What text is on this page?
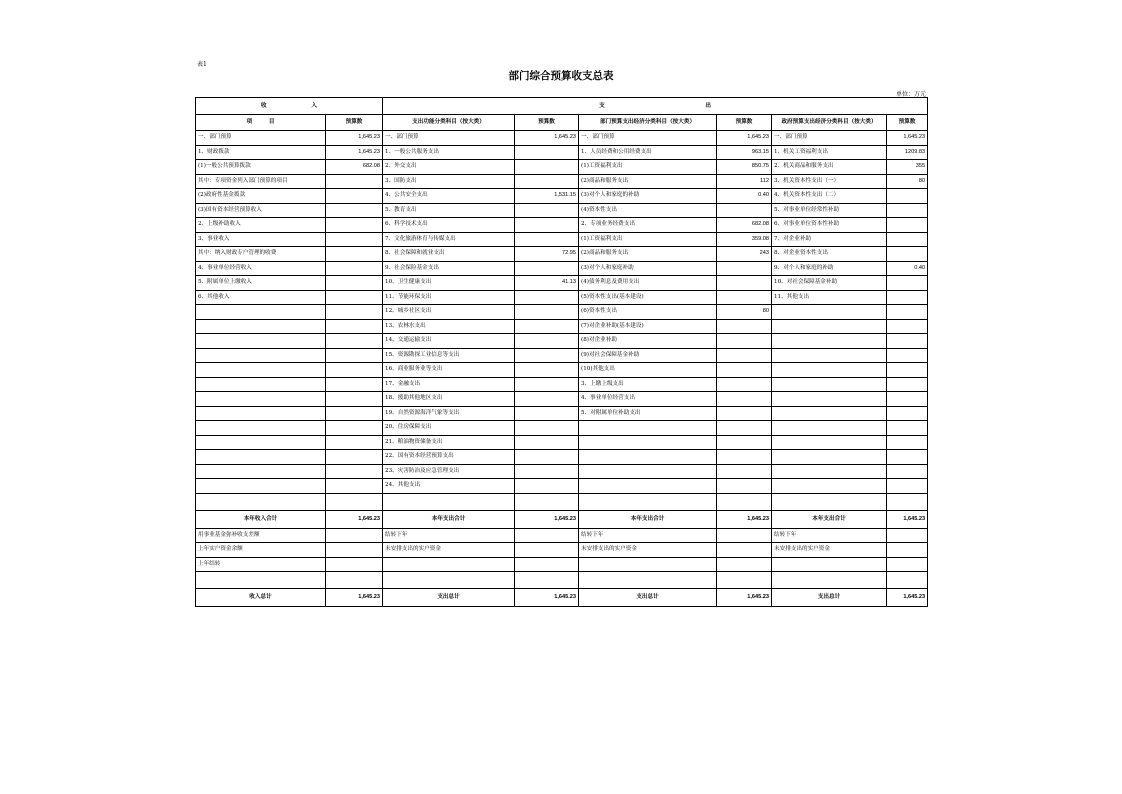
表1
部门综合预算收支总表
单位：万元
收　　　　　　　　入		支　　　　　　　　　　　　　　　　　　出					
项　　　目	预算数	支出功能分类科目（按大类）	预算数	部门预算支出经济分类科目（按大类）	预算数	政府预算支出经济分类科目（按大类）	预算数
一、部门预算	1,645.23	一、部门预算	1,645.23	一、部门预算	1,645.23	一、部门预算	1,645.23
1、财政拨款	1,645.23	1、一般公共服务支出		1、人员经费和公用经费支出	963.15	1、机关工资福利支出	1209.83
(1)一般公共预算拨款	682.08	2、外交支出		(1)工资福利支出	850.75	2、机关商品和服务支出	355
其中：专项资金列入部门预算的项目		3、国防支出		(2)商品和服务支出	112	3、机关资本性支出（一）	80
(2)政府性基金拨款		4、公共安全支出	1,531.15	(3)对个人和家庭的补助	0.40	4、机关资本性支出（二）	
(3)国有资本经营预算收入		5、教育支出		(4)资本性支出		5、对事业单位经常性补助	
2、上级补助收入		6、科学技术支出		2、专项业务经费支出	682.08	6、对事业单位资本性补助	
3、事业收入		7、文化旅游体育与传媒支出		(1)工资福利支出	359.08	7、对企业补助	
其中：纳入财政专户管理的收费		8、社会保障和就业支出	72.95	(2)商品和服务支出	243	8、对企业资本性支出	
4、事业单位经营收入		9、社会保险基金支出		(3)对个人和家庭补助		9、对个人和家庭的补助	0.40
5、附属单位上缴收入		10、卫生健康支出	41.13	(4)债务利息及费用支出		10、对社会保障基金补助	
6、其他收入		11、节能环保支出		(5)资本性支出(基本建设)		11、其他支出	
		12、城乡社区支出		(6)资本性支出	80		
		13、农林水支出		(7)对企业补助(基本建设)			
		14、交通运输支出		(8)对企业补助			
		15、资源勘探工业信息等支出		(9)对社会保障基金补助			
		16、商业服务业等支出		(10)其他支出			
		17、金融支出		3、上缴上级支出			
		18、援助其他地区支出		4、事业单位经营支出			
		19、自然资源海洋气象等支出		5、对附属单位补助支出			
		20、住房保障支出					
		21、粮油物资储备支出					
		22、国有资本经营预算支出					
		23、灾害防治及应急管理支出					
		24、其他支出					

本年收入合计	1,645.23	本年支出合计	1,645.23	本年支出合计	1,645.23	本年支出合计	1,645.23
用事业基金弥补收支差额		结转下年		结转下年		结转下年	
上年实户资金余额		未安排支出的实户资金		未安排支出的实户资金		未安排支出的实户资金	
上年结转							

收入总计	1,645.23	支出总计	1,645.23	支出总计	1,645.23	支出总计	1,645.23
